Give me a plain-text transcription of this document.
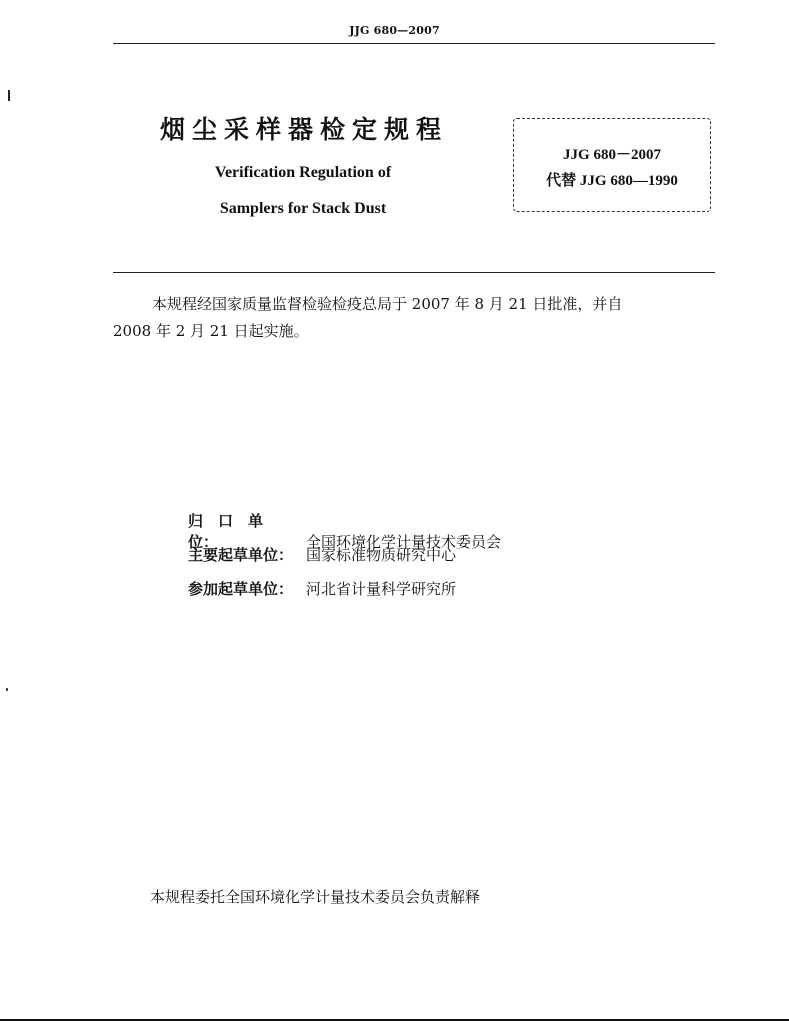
JJG 680—2007
烟尘采样器检定规程
Verification Regulation of
Samplers for Stack Dust
JJG 680－2007
代替 JJG 680—1990
本规程经国家质量监督检验检疫总局于 2007 年 8 月 21 日批准，并自
2008 年 2 月 21 日起实施。
归　口　单　位：	全国环境化学计量技术委员会
主要起草单位： 国家标准物质研究中心
参加起草单位： 河北省计量科学研究所
本规程委托全国环境化学计量技术委员会负责解释
